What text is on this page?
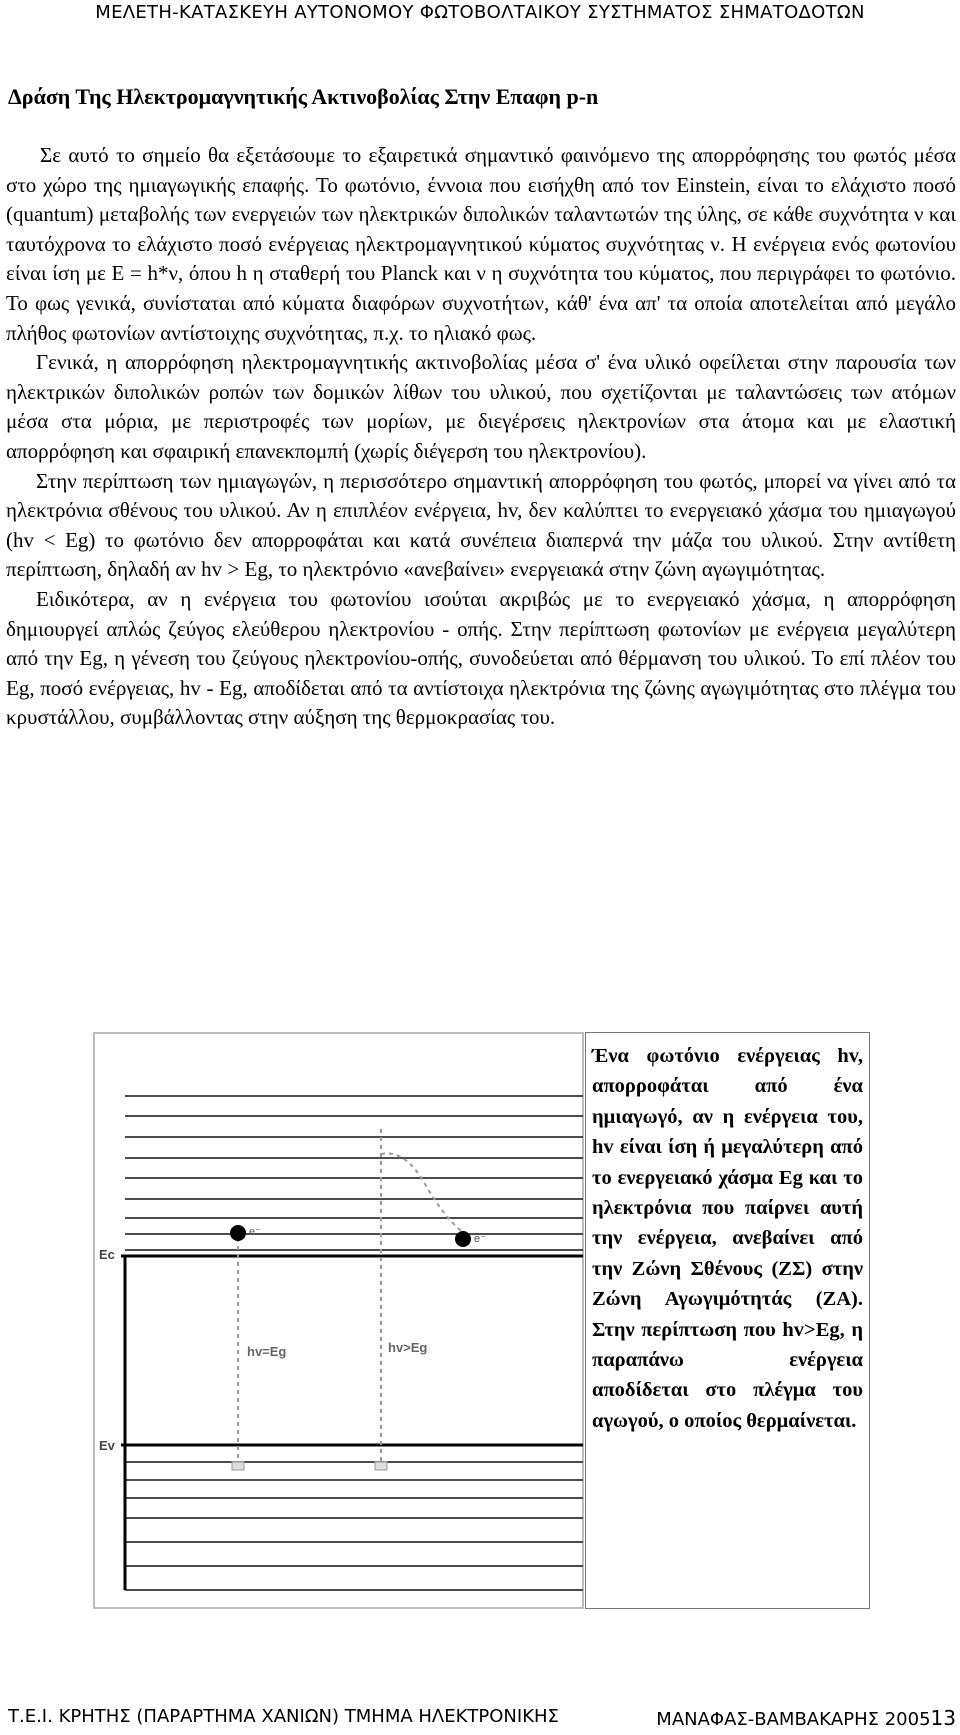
ΜΕΛΕΤΗ-ΚΑΤΑΣΚΕΥΗ ΑΥΤΟΝΟΜΟΥ ΦΩΤΟΒΟΛΤΑΙΚΟΥ ΣΥΣΤΗΜΑΤΟΣ ΣΗΜΑΤΟΔΟΤΩΝ
Δράση Της Ηλεκτρομαγνητικής Ακτινοβολίας Στην Επαφη p-n

Σε αυτό το σημείο θα εξετάσουμε το εξαιρετικά σημαντικό φαινόμενο της απορρόφησης του φωτός μέσα στο χώρο της ημιαγωγικής επαφής. Το φωτόνιο, έννοια που εισήχθη από τον Einstein, είναι το ελάχιστο ποσό (quantum) μεταβολής των ενεργειών των ηλεκτρικών διπολικών ταλαντωτών της ύλης, σε κάθε συχνότητα ν και ταυτόχρονα το ελάχιστο ποσό ενέργειας ηλεκτρομαγνητικού κύματος συχνότητας ν. Η ενέργεια ενός φωτονίου είναι ίση με E = h*ν, όπου h η σταθερή του Planck και ν η συχνότητα του κύματος, που περιγράφει το φωτόνιο. Το φως γενικά, συνίσταται από κύματα διαφόρων συχνοτήτων, κάθ' ένα απ' τα οποία αποτελείται από μεγάλο πλήθος φωτονίων αντίστοιχης συχνότητας, π.χ. το ηλιακό φως.

Γενικά, η απορρόφηση ηλεκτρομαγνητικής ακτινοβολίας μέσα σ' ένα υλικό οφείλεται στην παρουσία των ηλεκτρικών διπολικών ροπών των δομικών λίθων του υλικού, που σχετίζονται με ταλαντώσεις των ατόμων μέσα στα μόρια, με περιστροφές των μορίων, με διεγέρσεις ηλεκτρονίων στα άτομα και με ελαστική απορρόφηση και σφαιρική επανεκπομπή (χωρίς διέγερση του ηλεκτρονίου).

Στην περίπτωση των ημιαγωγών, η περισσότερο σημαντική απορρόφηση του φωτός, μπορεί να γίνει από τα ηλεκτρόνια σθένους του υλικού. Αν η επιπλέον ενέργεια, hv, δεν καλύπτει το ενεργειακό χάσμα του ημιαγωγού (hv < Eg) το φωτόνιο δεν απορροφάται και κατά συνέπεια διαπερνά την μάζα του υλικού. Στην αντίθετη περίπτωση, δηλαδή αν hv > Eg, το ηλεκτρόνιο «ανεβαίνει» ενεργειακά στην ζώνη αγωγιμότητας.

Ειδικότερα, αν η ενέργεια του φωτονίου ισούται ακριβώς με το ενεργειακό χάσμα, η απορρόφηση δημιουργεί απλώς ζεύγος ελεύθερου ηλεκτρονίου - οπής. Στην περίπτωση φωτονίων με ενέργεια μεγαλύτερη από την Eg, η γένεση του ζεύγους ηλεκτρονίου-οπής, συνοδεύεται από θέρμανση του υλικού. Το επί πλέον του Eg, ποσό ενέργειας, hv - Eg, αποδίδεται από τα αντίστοιχα ηλεκτρόνια της ζώνης αγωγιμότητας στο πλέγμα του κρυστάλλου, συμβάλλοντας στην αύξηση της θερμοκρασίας του.

e⁻
e⁻
Ec
Ev
hv=Eg	hv>Eg
Ένα φωτόνιο ενέργειας hv, απορροφάται από ένα ημιαγωγό, αν η ενέργεια του, hv είναι ίση ή μεγαλύτερη από το ενεργειακό χάσμα Eg και το ηλεκτρόνια που παίρνει αυτή την ενέργεια, ανεβαίνει από την Ζώνη Σθένους (ΖΣ) στην Ζώνη Αγωγιμότητάς (ΖΑ). Στην περίπτωση που hv>Eg, η παραπάνω ενέργεια αποδίδεται στο πλέγμα του αγωγού, ο οποίος θερμαίνεται.
Τ.Ε.Ι. ΚΡΗΤΗΣ (ΠΑΡΑΡΤΗΜΑ ΧΑΝΙΩΝ) ΤΜΗΜΑ ΗΛΕΚΤΡΟΝΙΚΗΣ	ΜΑΝΑΦΑΣ-ΒΑΜΒΑΚΑΡΗΣ 200513
